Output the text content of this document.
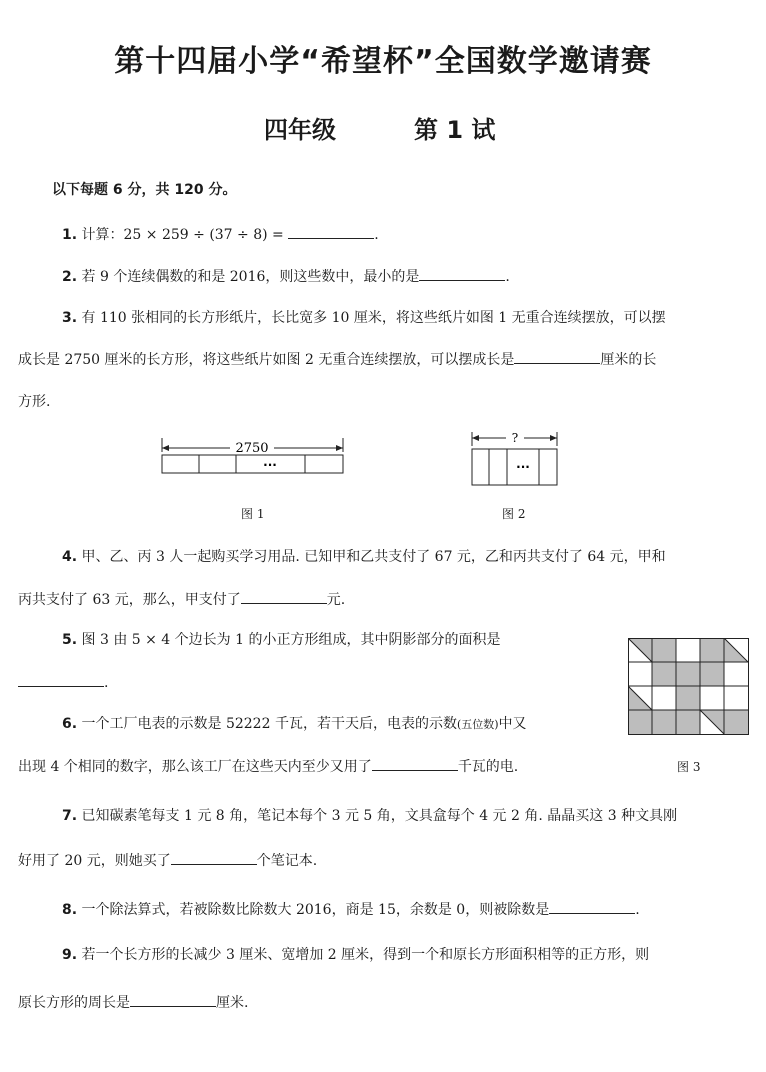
第十四届小学“希望杯”全国数学邀请赛
四年级	第 1 试
以下每题 6 分，共 120 分。
1. 计算：25 × 259 ÷ (37 ÷ 8) =	.
2. 若 9 个连续偶数的和是 2016，则这些数中，最小的是	.
3. 有 110 张相同的长方形纸片，长比宽多 10 厘米，将这些纸片如图 1 无重合连续摆放，可以摆
成长是 2750 厘米的长方形，将这些纸片如图 2 无重合连续摆放，可以摆成长是	厘米的长
方形.
2750
···
图 1
?
···
图 2
4. 甲、乙、丙 3 人一起购买学习用品. 已知甲和乙共支付了 67 元，乙和丙共支付了 64 元，甲和
丙共支付了 63 元，那么，甲支付了	元.
5. 图 3 由 5 × 4 个边长为 1 的小正方形组成，其中阴影部分的面积是
.
图 3
6. 一个工厂电表的示数是 52222 千瓦，若干天后，电表的示数(五位数)中又
出现 4 个相同的数字，那么该工厂在这些天内至少又用了	千瓦的电.
7. 已知碳素笔每支 1 元 8 角，笔记本每个 3 元 5 角，文具盒每个 4 元 2 角. 晶晶买这 3 种文具刚
好用了 20 元，则她买了	个笔记本.
8. 一个除法算式，若被除数比除数大 2016，商是 15，余数是 0，则被除数是	.
9. 若一个长方形的长减少 3 厘米、宽增加 2 厘米，得到一个和原长方形面积相等的正方形，则
原长方形的周长是	厘米.
